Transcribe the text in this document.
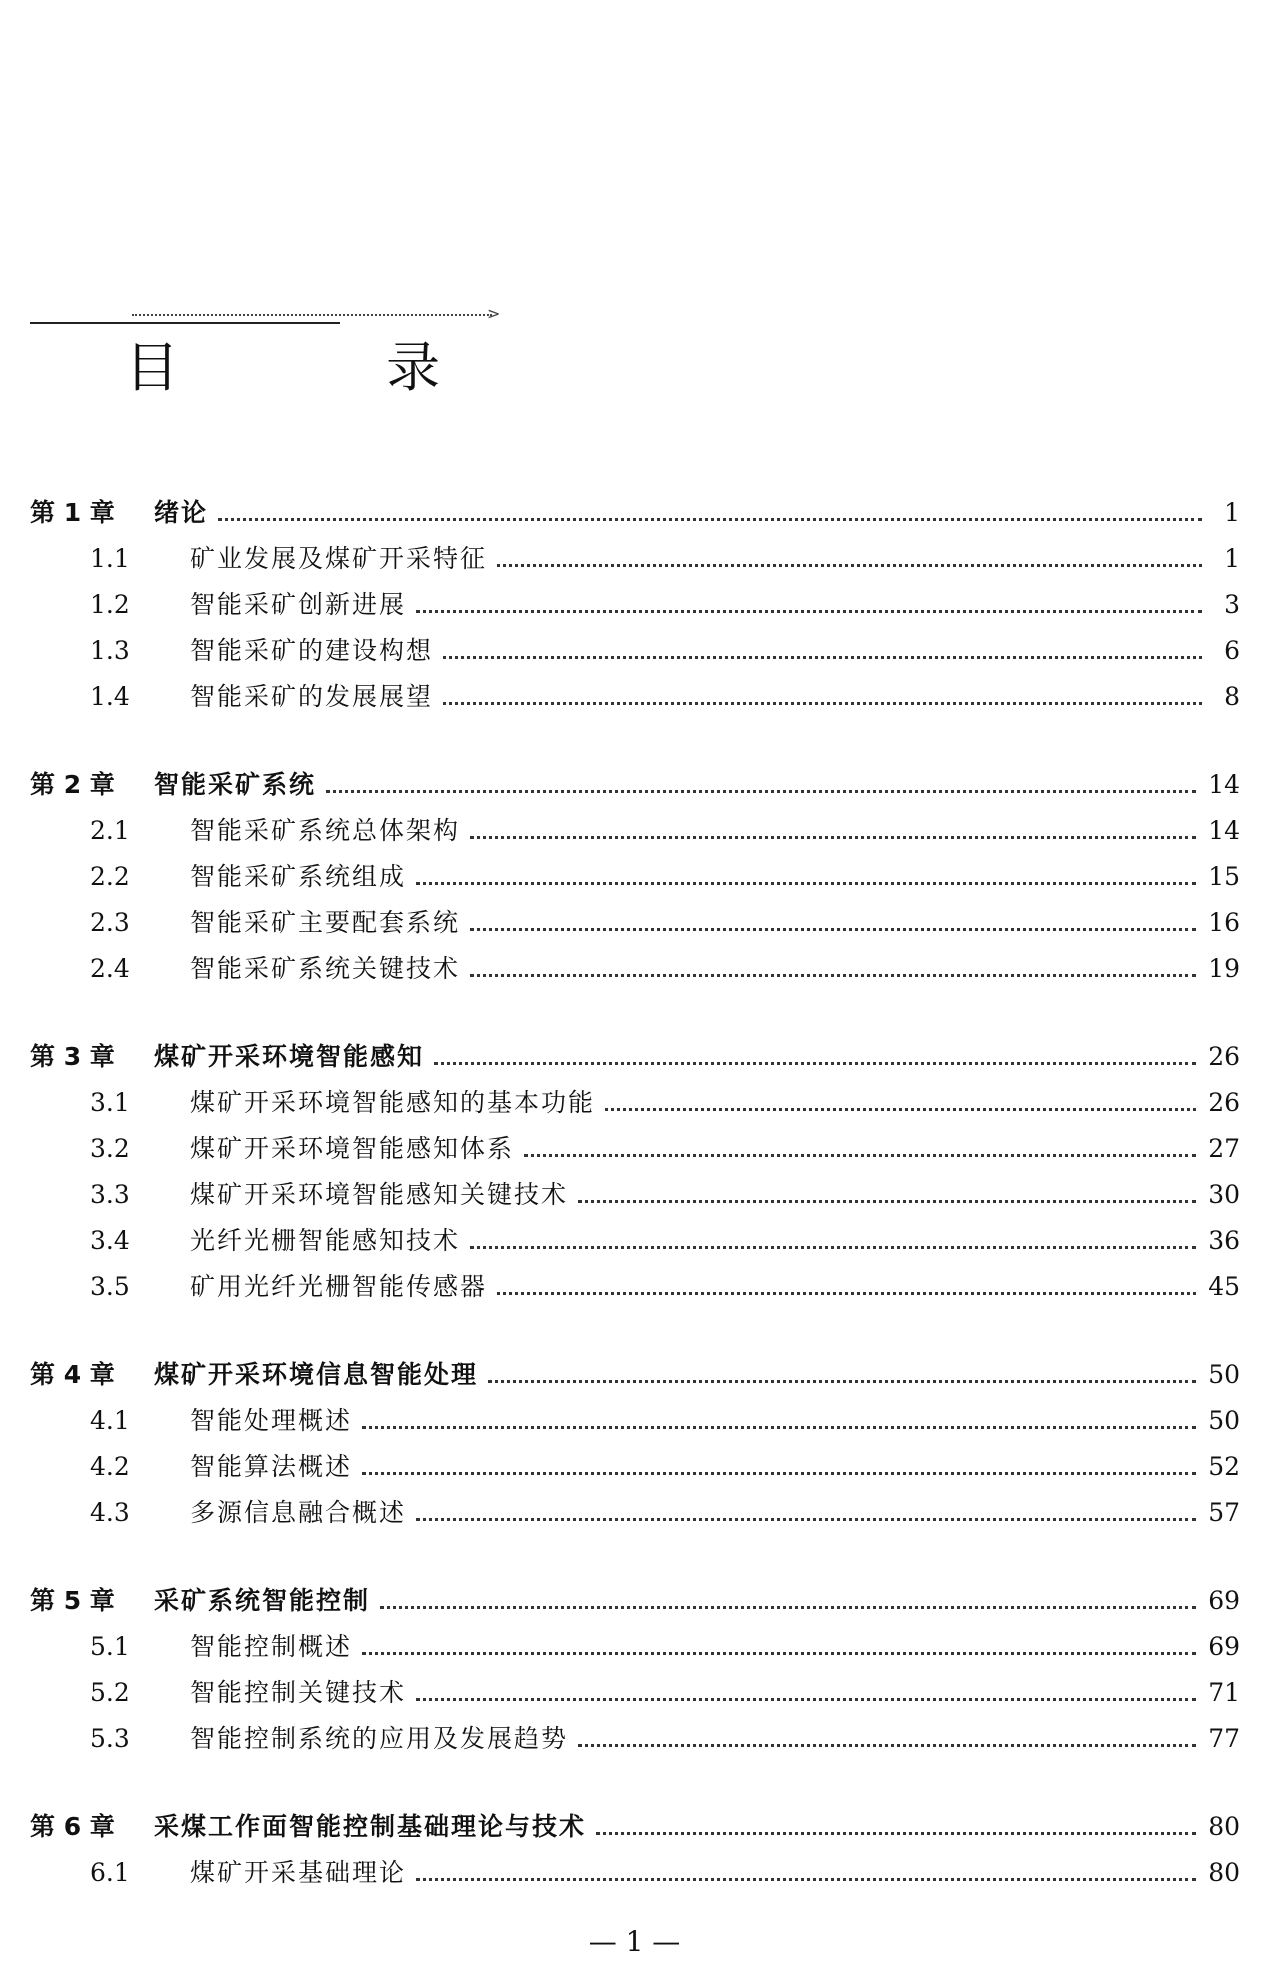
>
目 录
第 1 章	绪论	1
1.1	矿业发展及煤矿开采特征	1
1.2	智能采矿创新进展	3
1.3	智能采矿的建设构想	6
1.4	智能采矿的发展展望	8
第 2 章	智能采矿系统	14
2.1	智能采矿系统总体架构	14
2.2	智能采矿系统组成	15
2.3	智能采矿主要配套系统	16
2.4	智能采矿系统关键技术	19
第 3 章	煤矿开采环境智能感知	26
3.1	煤矿开采环境智能感知的基本功能	26
3.2	煤矿开采环境智能感知体系	27
3.3	煤矿开采环境智能感知关键技术	30
3.4	光纤光栅智能感知技术	36
3.5	矿用光纤光栅智能传感器	45
第 4 章	煤矿开采环境信息智能处理	50
4.1	智能处理概述	50
4.2	智能算法概述	52
4.3	多源信息融合概述	57
第 5 章	采矿系统智能控制	69
5.1	智能控制概述	69
5.2	智能控制关键技术	71
5.3	智能控制系统的应用及发展趋势	77
第 6 章	采煤工作面智能控制基础理论与技术	80
6.1	煤矿开采基础理论	80
— 1 —
